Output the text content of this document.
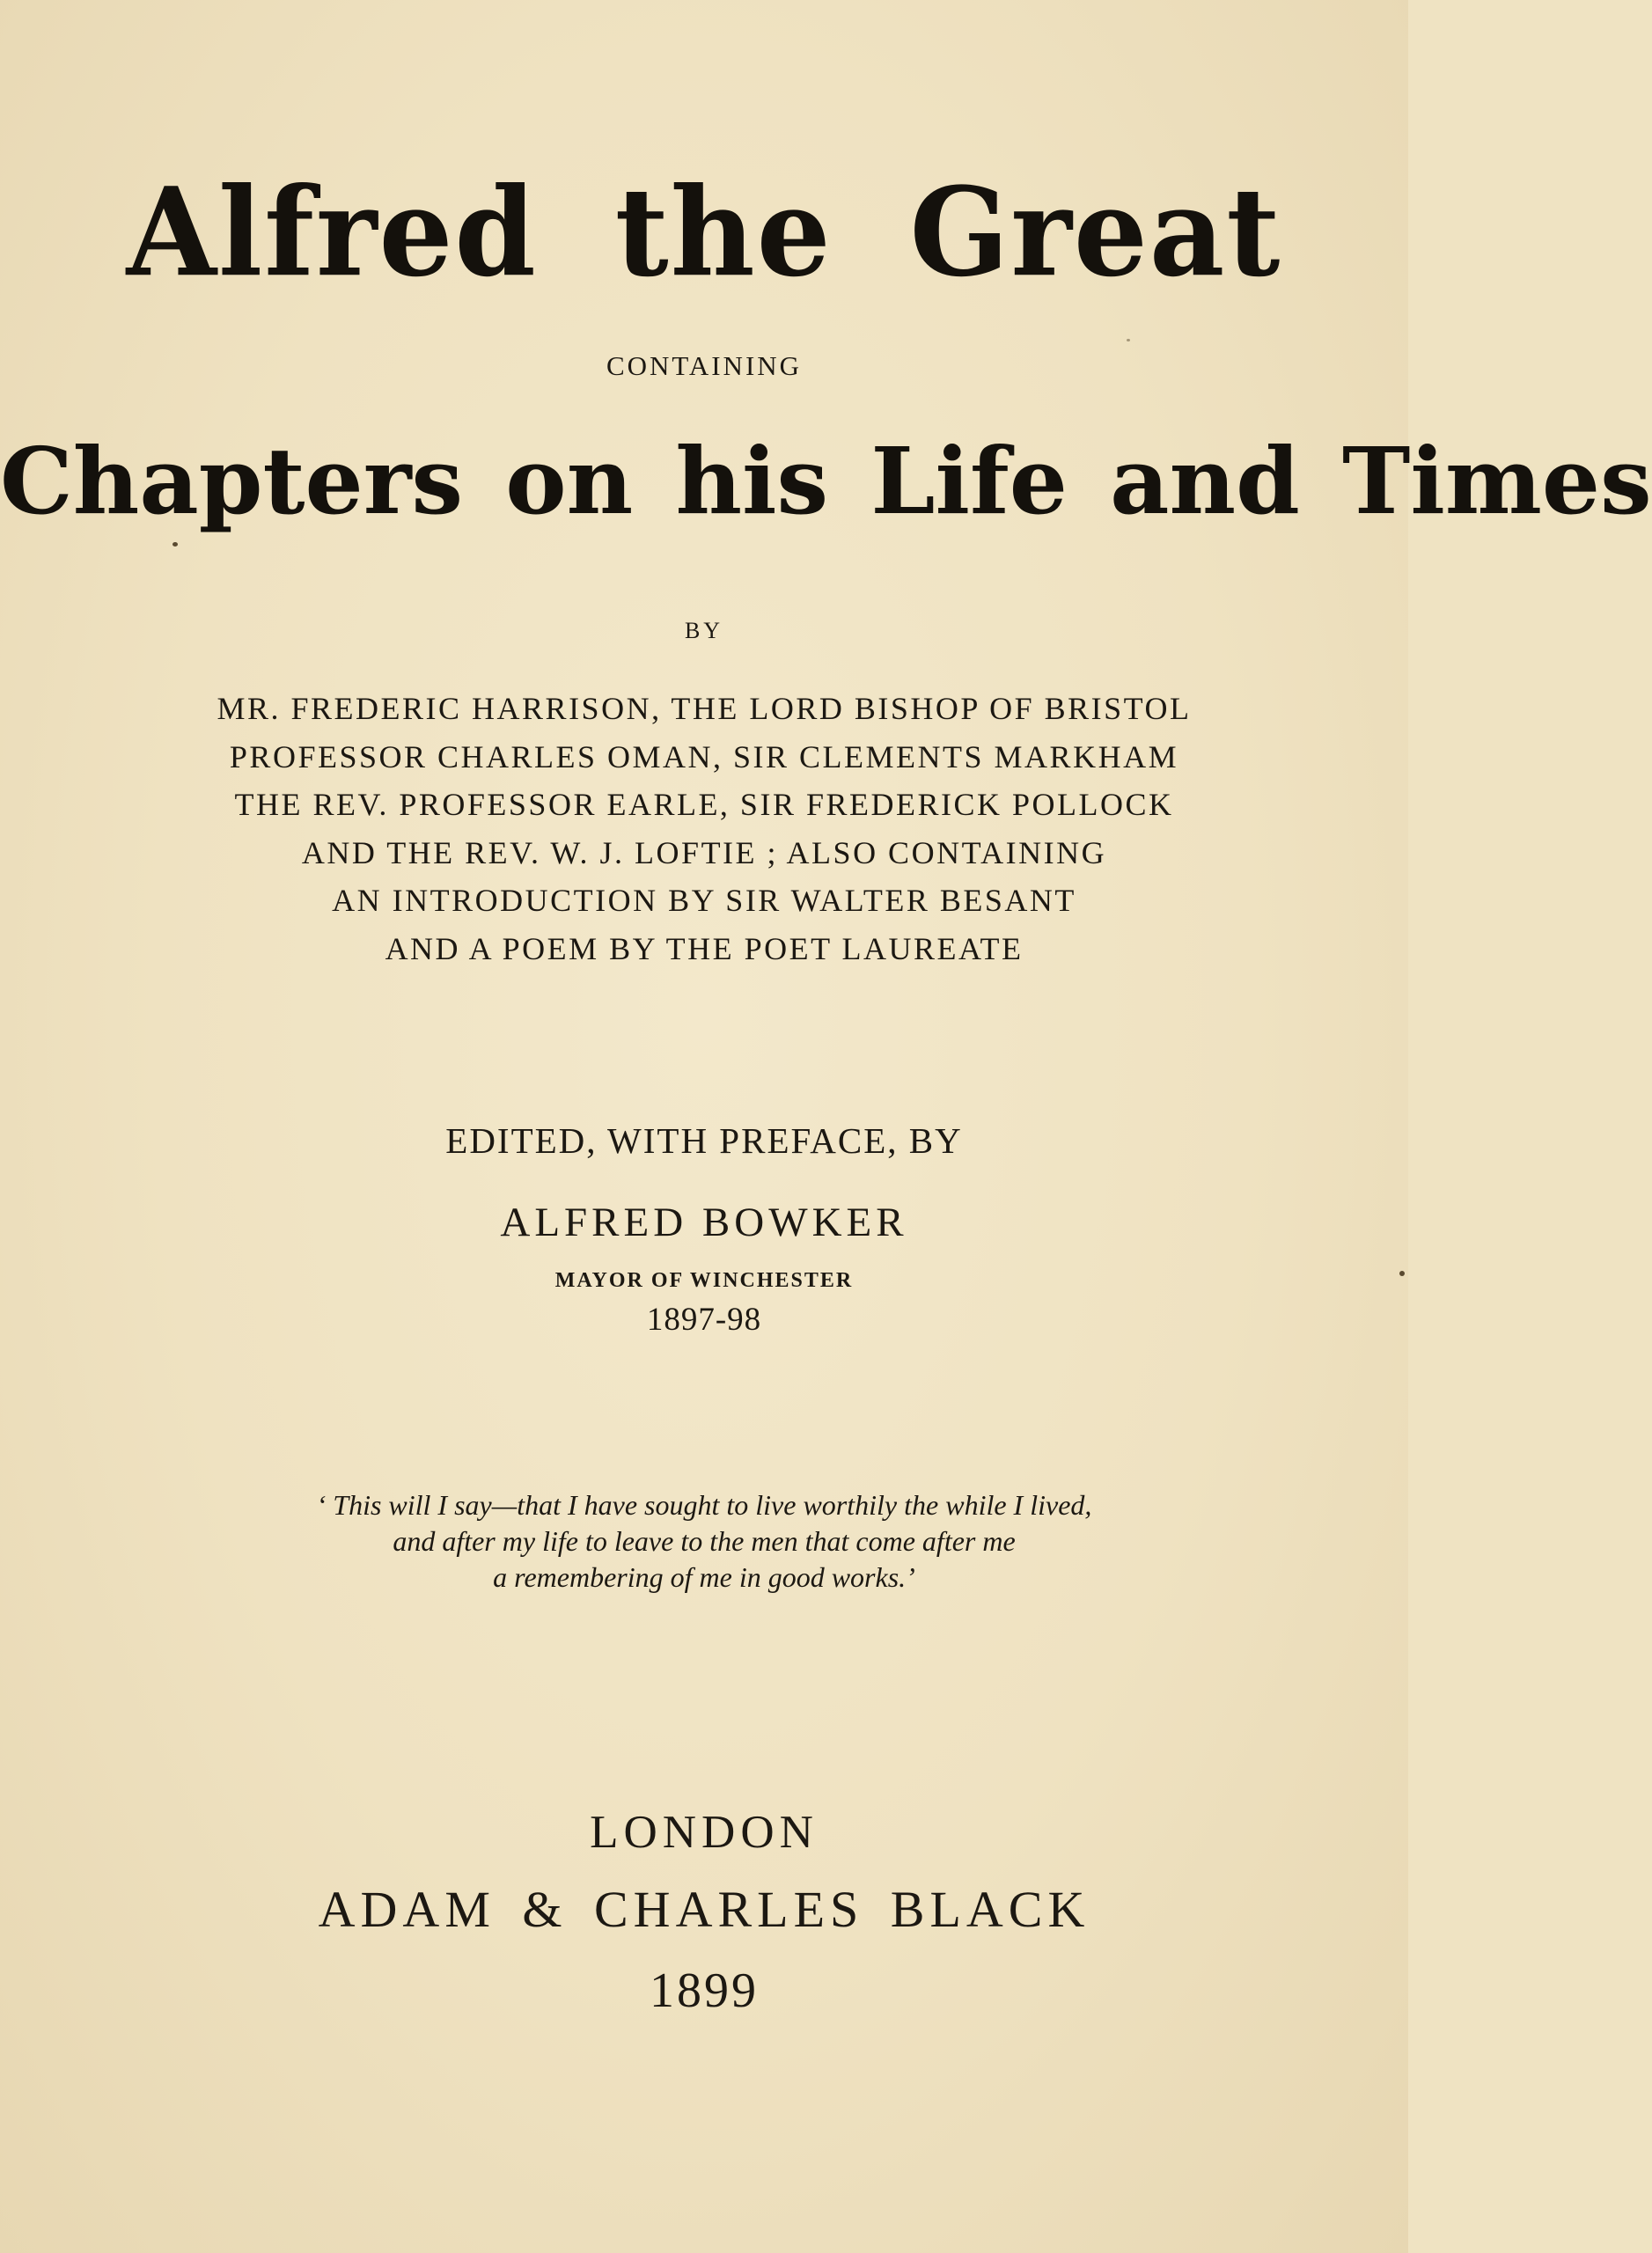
Alfred the Great
CONTAINING
Chapters on his Life and Times
BY
MR. FREDERIC HARRISON, THE LORD BISHOP OF BRISTOL
PROFESSOR CHARLES OMAN, SIR CLEMENTS MARKHAM
THE REV. PROFESSOR EARLE, SIR FREDERICK POLLOCK
AND THE REV. W. J. LOFTIE ; ALSO CONTAINING
AN INTRODUCTION BY SIR WALTER BESANT
AND A POEM BY THE POET LAUREATE
EDITED, WITH PREFACE, BY
ALFRED BOWKER
MAYOR OF WINCHESTER
1897-98
‘ This will I say—that I have sought to live worthily the while I lived,
and after my life to leave to the men that come after me
a remembering of me in good works.’
LONDON
ADAM & CHARLES BLACK
1899
